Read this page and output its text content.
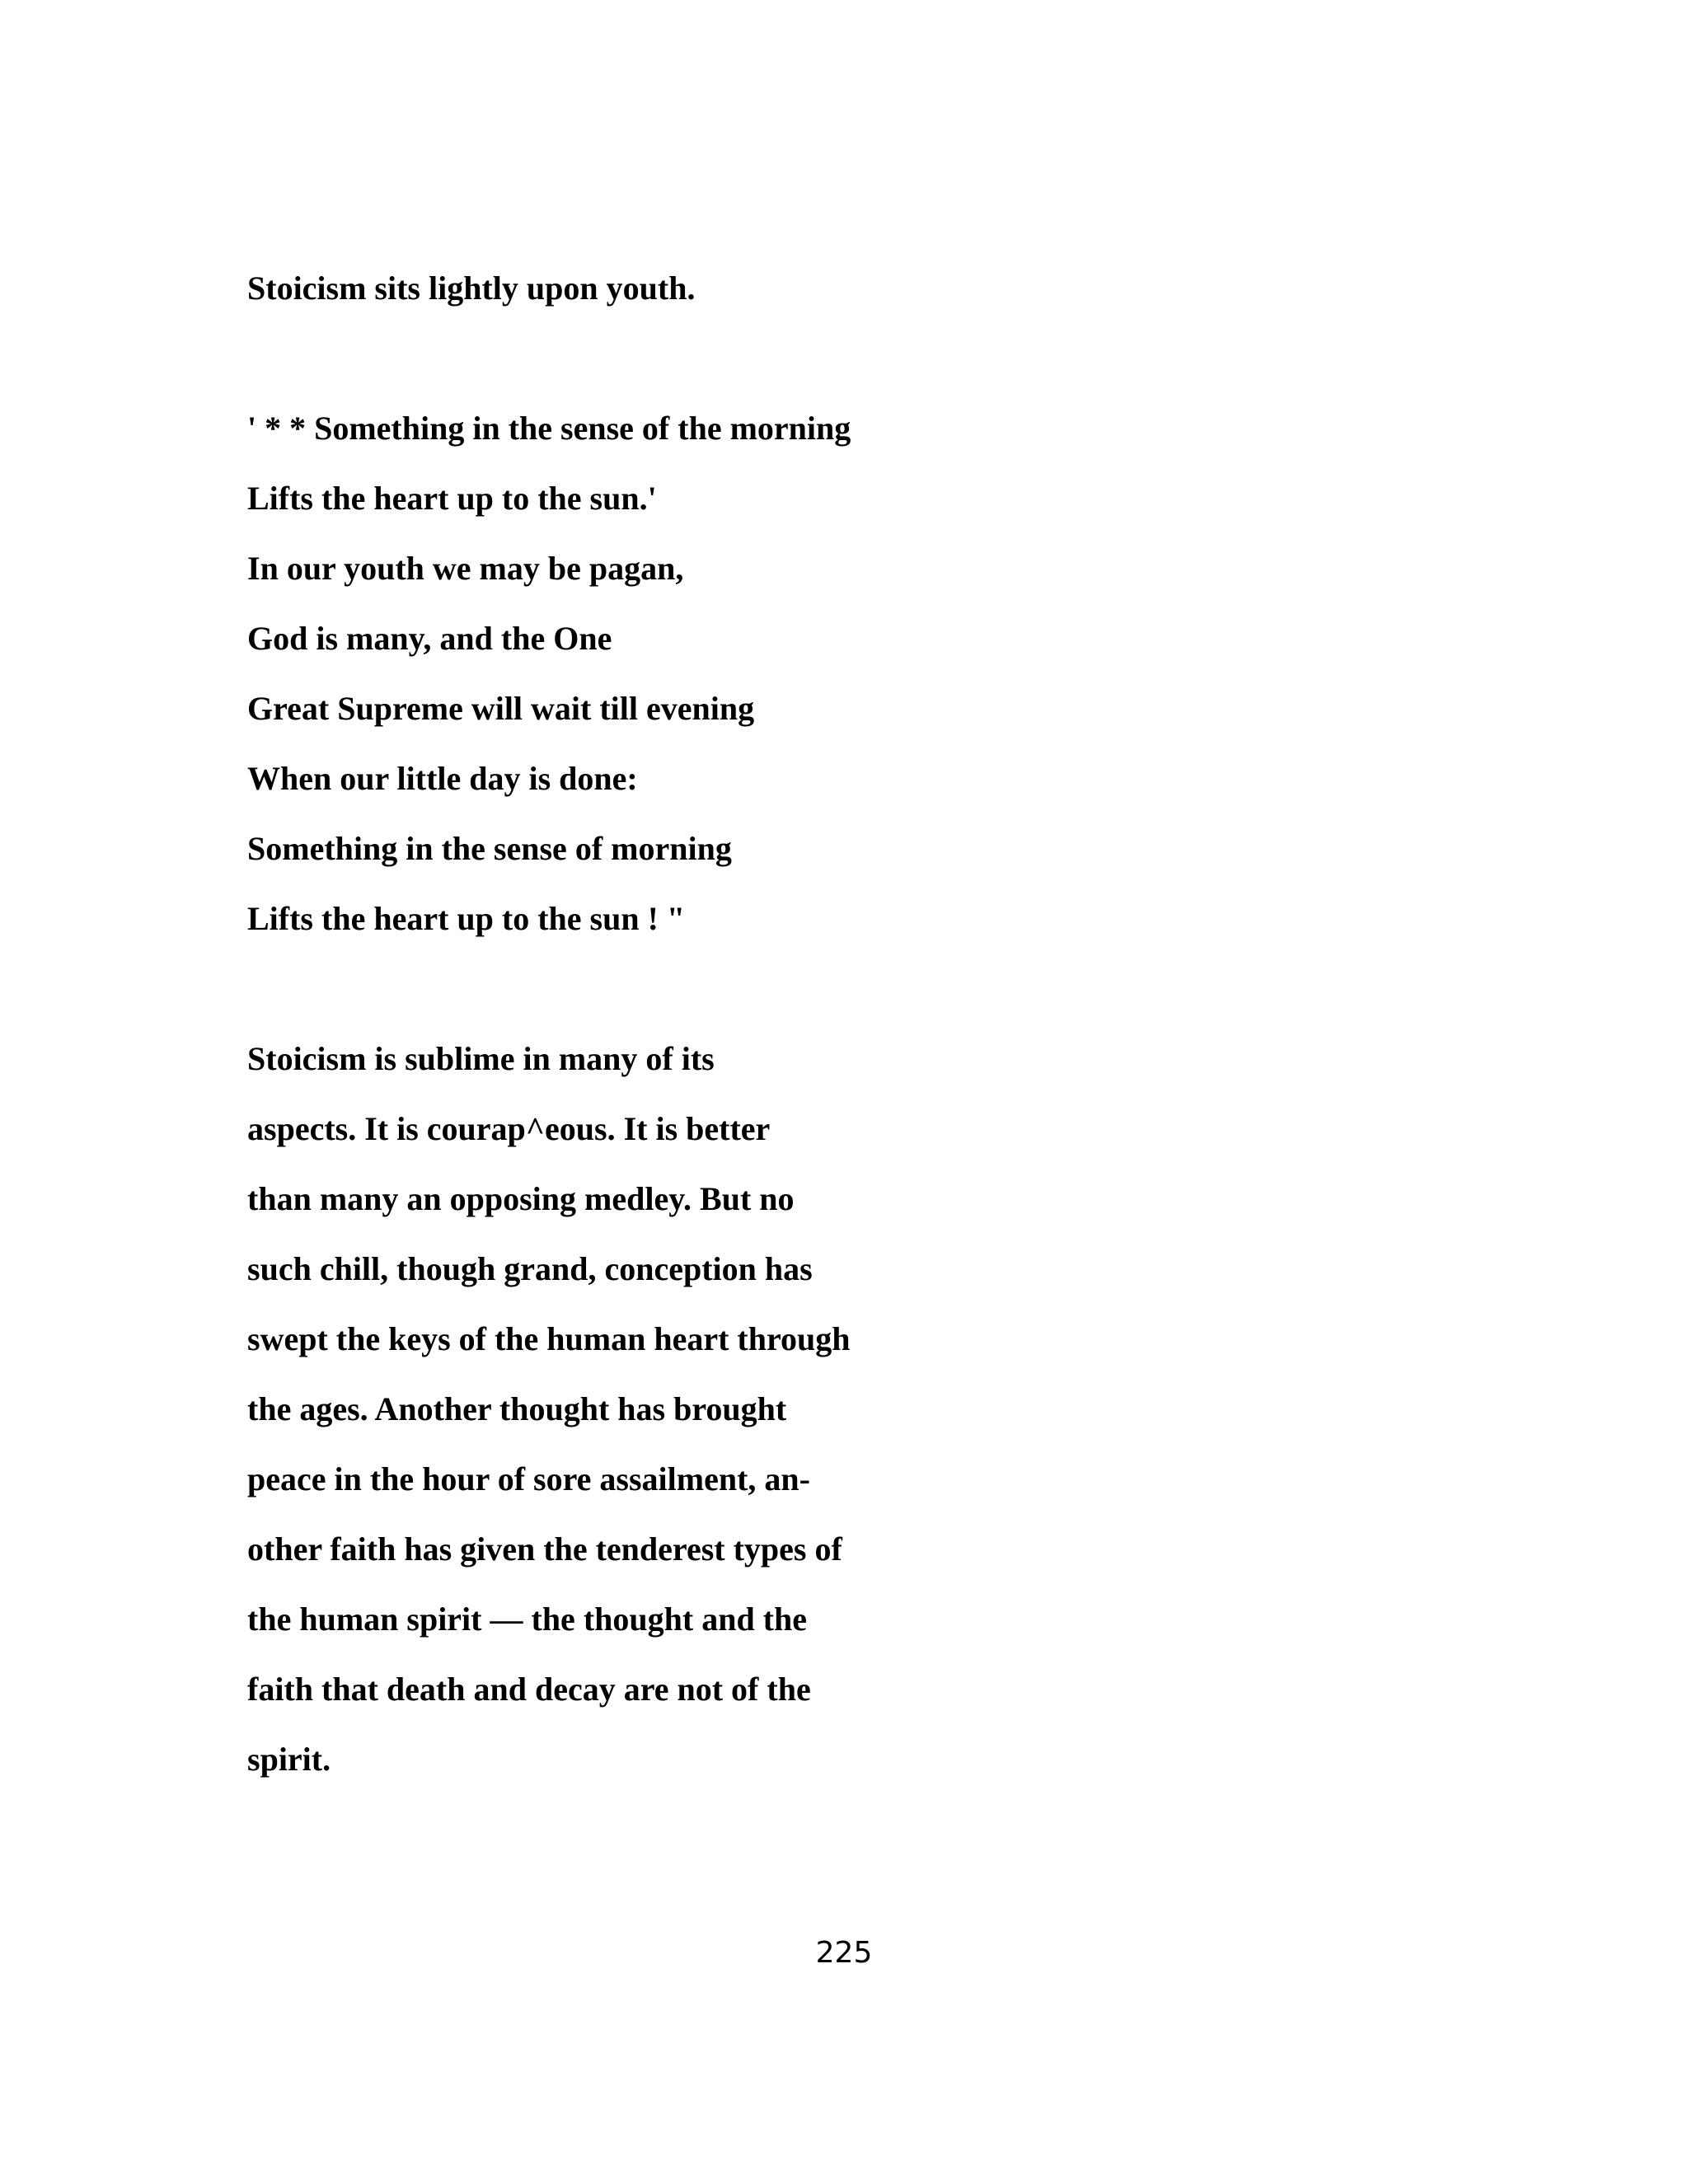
Stoicism sits lightly upon youth.

' * * Something in the sense of the morning

Lifts the heart up to the sun.'

In our youth we may be pagan,

God is many, and the One

Great Supreme will wait till evening

When our little day is done:

Something in the sense of morning

Lifts the heart up to the sun ! "

Stoicism is sublime in many of its

aspects. It is courap^eous. It is better

than many an opposing medley. But no

such chill, though grand, conception has

swept the keys of the human heart through

the ages. Another thought has brought

peace in the hour of sore assailment, an-

other faith has given the tenderest types of

the human spirit — the thought and the

faith that death and decay are not of the

spirit.

225
